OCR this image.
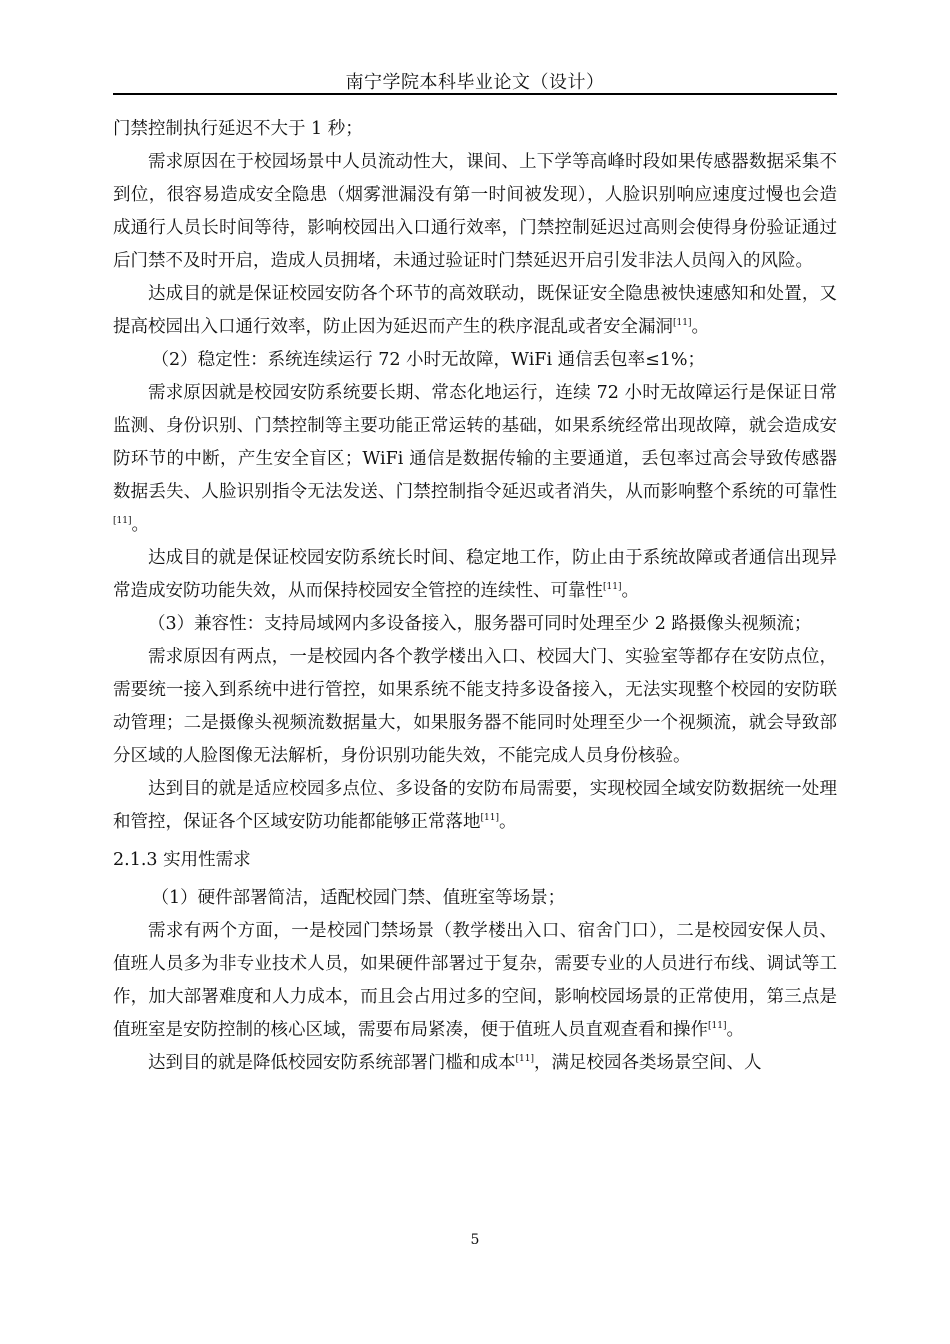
南宁学院本科毕业论文（设计）

门禁控制执行延迟不大于 1 秒；

需求原因在于校园场景中人员流动性大，课间、上下学等高峰时段如果传感器数据采集不到位，很容易造成安全隐患（烟雾泄漏没有第一时间被发现），人脸识别响应速度过慢也会造成通行人员长时间等待，影响校园出入口通行效率，门禁控制延迟过高则会使得身份验证通过后门禁不及时开启，造成人员拥堵，未通过验证时门禁延迟开启引发非法人员闯入的风险。

达成目的就是保证校园安防各个环节的高效联动，既保证安全隐患被快速感知和处置，又提高校园出入口通行效率，防止因为延迟而产生的秩序混乱或者安全漏洞[11]。

（2）稳定性：系统连续运行 72 小时无故障，WiFi 通信丢包率≤1%；

需求原因就是校园安防系统要长期、常态化地运行，连续 72 小时无故障运行是保证日常监测、身份识别、门禁控制等主要功能正常运转的基础，如果系统经常出现故障，就会造成安防环节的中断，产生安全盲区；WiFi 通信是数据传输的主要通道，丢包率过高会导致传感器数据丢失、人脸识别指令无法发送、门禁控制指令延迟或者消失，从而影响整个系统的可靠性[11]。

达成目的就是保证校园安防系统长时间、稳定地工作，防止由于系统故障或者通信出现异常造成安防功能失效，从而保持校园安全管控的连续性、可靠性[11]。

（3）兼容性：支持局域网内多设备接入，服务器可同时处理至少 2 路摄像头视频流；

需求原因有两点，一是校园内各个教学楼出入口、校园大门、实验室等都存在安防点位，需要统一接入到系统中进行管控，如果系统不能支持多设备接入，无法实现整个校园的安防联动管理；二是摄像头视频流数据量大，如果服务器不能同时处理至少一个视频流，就会导致部分区域的人脸图像无法解析，身份识别功能失效，不能完成人员身份核验。

达到目的就是适应校园多点位、多设备的安防布局需要，实现校园全域安防数据统一处理和管控，保证各个区域安防功能都能够正常落地[11]。

2.1.3 实用性需求

（1）硬件部署简洁，适配校园门禁、值班室等场景；

需求有两个方面，一是校园门禁场景（教学楼出入口、宿舍门口），二是校园安保人员、值班人员多为非专业技术人员，如果硬件部署过于复杂，需要专业的人员进行布线、调试等工作，加大部署难度和人力成本，而且会占用过多的空间，影响校园场景的正常使用，第三点是值班室是安防控制的核心区域，需要布局紧凑，便于值班人员直观查看和操作[11]。

达到目的就是降低校园安防系统部署门槛和成本[11]，满足校园各类场景空间、人

5
